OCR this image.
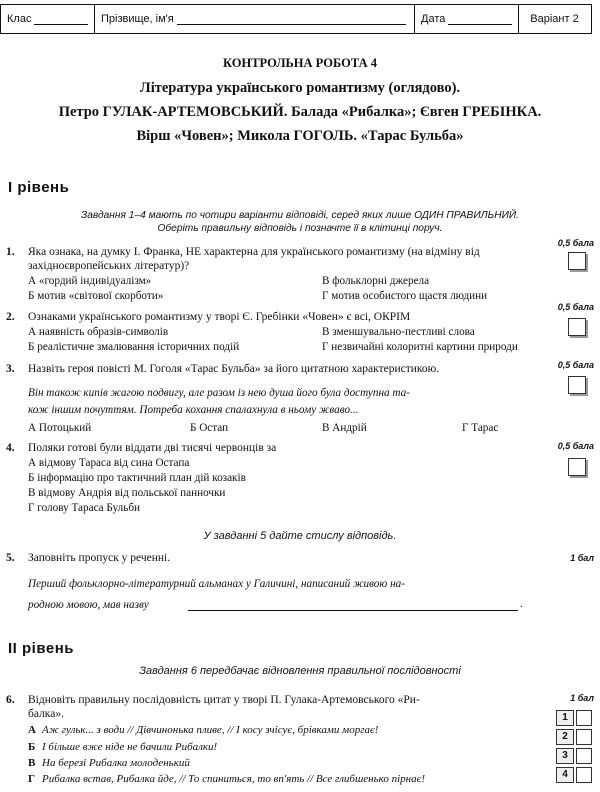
Клас	Прізвище, ім'я	Дата	Варіант 2
КОНТРОЛЬНА РОБОТА 4
Література українського романтизму (оглядово).
Петро ГУЛАК-АРТЕМОВСЬКИЙ. Балада «Рибалка»; Євген ГРЕБІНКА.
Вірш «Човен»; Микола ГОГОЛЬ. «Тарас Бульба»
I рівень
Завдання 1–4 мають по чотири варіанти відповіді, серед яких лише ОДИН ПРАВИЛЬНИЙ.
Оберіть правильну відповідь і позначте її в клітинці поруч.
0,5 бала
1. Яка ознака, на думку І. Франка, НЕ характерна для українського романтизму (на відміну від західноєвропейських літератур)?
А «гордий індивідуалізм»
Б мотив «світової скорботи»
В фольклорні джерела
Г мотив особистого щастя людини
0,5 бала
2. Ознаками українського романтизму у творі Є. Гребінки «Човен» є всі, ОКРІМ
А наявність образів-символів
Б реалістичне змалювання історичних подій
В зменшувально-пестливі слова
Г незвичайні колоритні картини природи
0,5 бала
3. Назвіть героя повісті М. Гоголя «Тарас Бульба» за його цитатною характеристикою.
Він також кипів жагою подвигу, але разом із нею душа його була доступна та-
кож іншим почуттям. Потреба кохання спалахнула в ньому жваво...
А Потоцький	Б Остап	В Андрій	Г Тарас
0,5 бала
4. Поляки готові були віддати дві тисячі червонців за
А відмову Тараса від сина Остапа
Б інформацію про тактичний план дій козаків
В відмову Андрія від польської панночки
Г голову Тараса Бульби
У завданні 5 дайте стислу відповідь.
1 бал
5. Заповніть пропуск у реченні.
Перший фольклорно-літературний альманах у Галичині, написаний живою на-
родною мовою, мав назву	.
II рівень
Завдання 6 передбачає відновлення правильної послідовності
1 бал
6. Відновіть правильну послідовність цитат у творі П. Гулака-Артемовського «Ри-
балка».
А Аж гульк... з води // Дівчинонька пливе, // І косу зчісує, брівками моргає!
Б І більше вже ніде не бачили Рибалки!
В На березі Рибалка молоденький
Г Рибалка встав, Рибалка йде, // То спиниться, то вп'ять // Все глибшенько пірнає!
1
2
3
4
